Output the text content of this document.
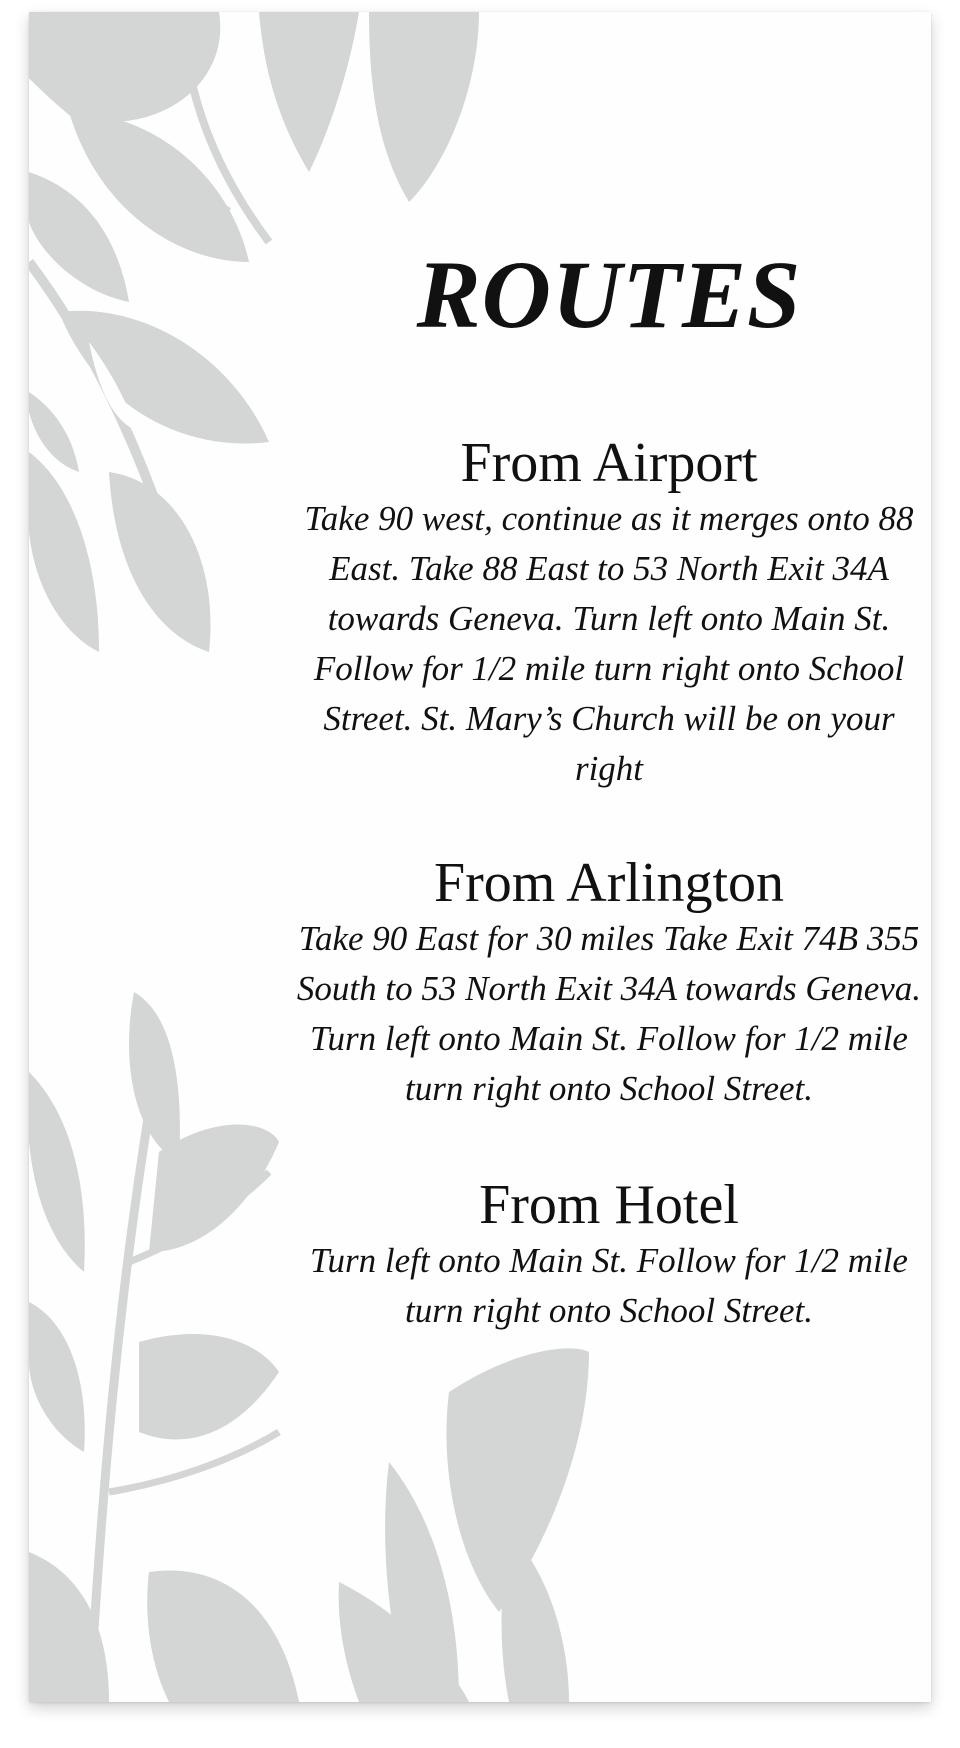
ROUTES
From Airport

Take 90 west, continue as it merges onto 88 East. Take 88 East to 53 North Exit 34A towards Geneva. Turn left onto Main St. Follow for 1/2 mile turn right onto School Street. St. Mary’s Church will be on your right

From Arlington

Take 90 East for 30 miles Take Exit 74B 355 South to 53 North Exit 34A towards Geneva. Turn left onto Main St. Follow for 1/2 mile turn right onto School Street.

From Hotel

Turn left onto Main St. Follow for 1/2 mile turn right onto School Street.
